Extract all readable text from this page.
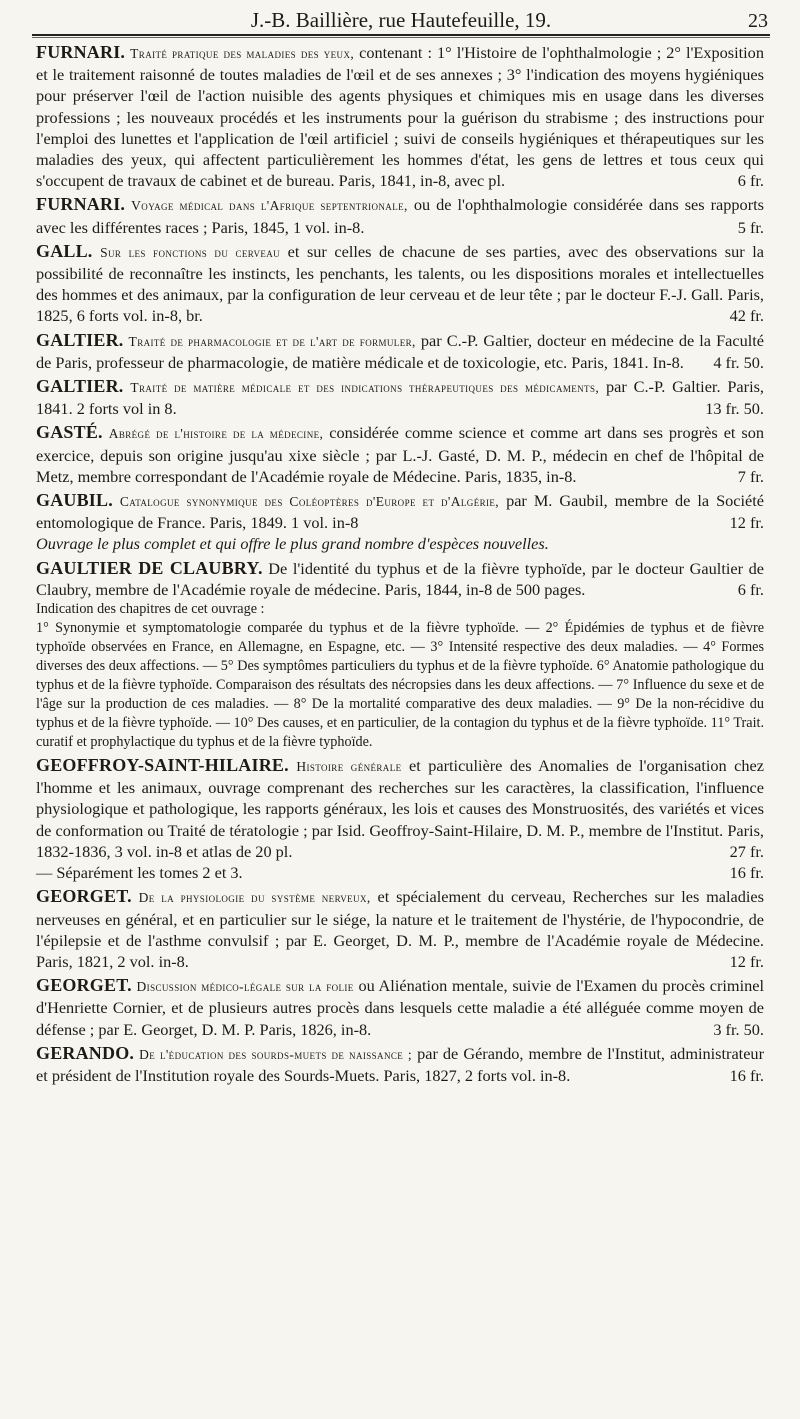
J.-B. Baillière, rue Hautefeuille, 19.	23

FURNARI. Traité pratique des maladies des yeux, contenant : 1° l'Histoire de l'ophthalmologie ; 2° l'Exposition et le traitement raisonné de toutes maladies de l'œil et de ses annexes ; 3° l'indication des moyens hygiéniques pour préserver l'œil de l'action nuisible des agents physiques et chimiques mis en usage dans les diverses professions ; les nouveaux procédés et les instruments pour la guérison du strabisme ; des instructions pour l'emploi des lunettes et l'application de l'œil artificiel ; suivi de conseils hygiéniques et thérapeutiques sur les maladies des yeux, qui affectent particulièrement les hommes d'état, les gens de lettres et tous ceux qui s'occupent de travaux de cabinet et de bureau. Paris, 1841, in-8, avec pl.	6 fr.

FURNARI. Voyage médical dans l'Afrique septentrionale, ou de l'ophthalmologie considérée dans ses rapports avec les différentes races ; Paris, 1845, 1 vol. in-8.	5 fr.

GALL. Sur les fonctions du cerveau et sur celles de chacune de ses parties, avec des observations sur la possibilité de reconnaître les instincts, les penchants, les talents, ou les dispositions morales et intellectuelles des hommes et des animaux, par la configuration de leur cerveau et de leur tête ; par le docteur F.-J. Gall. Paris, 1825, 6 forts vol. in-8, br.	42 fr.

GALTIER. Traité de pharmacologie et de l'art de formuler, par C.-P. Galtier, docteur en médecine de la Faculté de Paris, professeur de pharmacologie, de matière médicale et de toxicologie, etc. Paris, 1841. In-8. 4 fr. 50.

GALTIER. Traité de matière médicale et des indications thérapeutiques des médicaments, par C.-P. Galtier. Paris, 1841. 2 forts vol in 8.	13 fr. 50.

GASTÉ. Abrégé de l'histoire de la médecine, considérée comme science et comme art dans ses progrès et son exercice, depuis son origine jusqu'au xixe siècle ; par L.-J. Gasté, D. M. P., médecin en chef de l'hôpital de Metz, membre correspondant de l'Académie royale de Médecine. Paris, 1835, in-8.	7 fr.

GAUBIL. Catalogue synonymique des Coléoptères d'Europe et d'Algérie, par M. Gaubil, membre de la Société entomologique de France. Paris, 1849. 1 vol. in-8	12 fr.

Ouvrage le plus complet et qui offre le plus grand nombre d'espèces nouvelles.

GAULTIER DE CLAUBRY. De l'identité du typhus et de la fièvre typhoïde, par le docteur Gaultier de Claubry, membre de l'Académie royale de médecine. Paris, 1844, in-8 de 500 pages.	6 fr.

Indication des chapitres de cet ouvrage :

1° Synonymie et symptomatologie comparée du typhus et de la fièvre typhoïde. — 2° Épidémies de typhus et de fièvre typhoïde observées en France, en Allemagne, en Espagne, etc. — 3° Intensité respective des deux maladies. — 4° Formes diverses des deux affections. — 5° Des symptômes particuliers du typhus et de la fièvre typhoïde. 6° Anatomie pathologique du typhus et de la fièvre typhoïde. Comparaison des résultats des nécropsies dans les deux affections. — 7° Influence du sexe et de l'âge sur la production de ces maladies. — 8° De la mortalité comparative des deux maladies. — 9° De la non-récidive du typhus et de la fièvre typhoïde. — 10° Des causes, et en particulier, de la contagion du typhus et de la fièvre typhoïde. 11° Trait. curatif et prophylactique du typhus et de la fièvre typhoïde.

GEOFFROY-SAINT-HILAIRE. Histoire générale et particulière des Anomalies de l'organisation chez l'homme et les animaux, ouvrage comprenant des recherches sur les caractères, la classification, l'influence physiologique et pathologique, les rapports généraux, les lois et causes des Monstruosités, des variétés et vices de conformation ou Traité de tératologie ; par Isid. Geoffroy-Saint-Hilaire, D. M. P., membre de l'Institut. Paris, 1832-1836, 3 vol. in-8 et atlas de 20 pl.	27 fr.

— Séparément les tomes 2 et 3.	16 fr.

GEORGET. De la physiologie du système nerveux, et spécialement du cerveau, Recherches sur les maladies nerveuses en général, et en particulier sur le siége, la nature et le traitement de l'hystérie, de l'hypocondrie, de l'épilepsie et de l'asthme convulsif ; par E. Georget, D. M. P., membre de l'Académie royale de Médecine. Paris, 1821, 2 vol. in-8.	12 fr.

GEORGET. Discussion médico-légale sur la folie ou Aliénation mentale, suivie de l'Examen du procès criminel d'Henriette Cornier, et de plusieurs autres procès dans lesquels cette maladie a été alléguée comme moyen de défense ; par E. Georget, D. M. P. Paris, 1826, in-8.	3 fr. 50.

GERANDO. De l'éducation des sourds-muets de naissance ; par de Gérando, membre de l'Institut, administrateur et président de l'Institution royale des Sourds-Muets. Paris, 1827, 2 forts vol. in-8.	16 fr.
